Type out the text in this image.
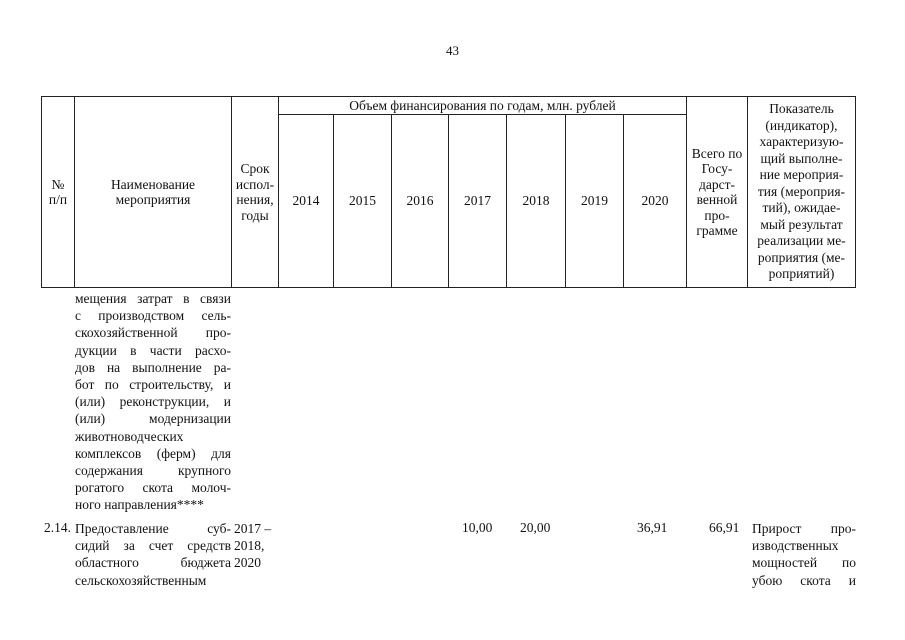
43
№
п/п
Наименование
мероприятия
Срок
испол-
нения,
годы
Объем финансирования по годам, млн. рублей
2014 2015 2016 2017 2018 2019 2020
Всего по
Госу-
дарст-
венной
про-
грамме
Показатель
(индикатор),
характеризую-
щий выполне-
ние мероприя-
тия (мероприя-
тий), ожидае-
мый результат
реализации ме-
роприятия (ме-
роприятий)
мещения затрат в связи
с производством сель-
скохозяйственной про-
дукции в части расхо-
дов на выполнение ра-
бот по строительству, и
(или) реконструкции, и
(или) модернизации
животноводческих
комплексов (ферм) для
содержания крупного
рогатого скота молоч-
ного направления****
2.14. Предоставление суб-
сидий за счет средств
областного бюджета
сельскохозяйственным
2017 –
2018,
2020
10,00 20,00	36,91	66,91 Прирост про-
изводственных
мощностей по
убою скота и
